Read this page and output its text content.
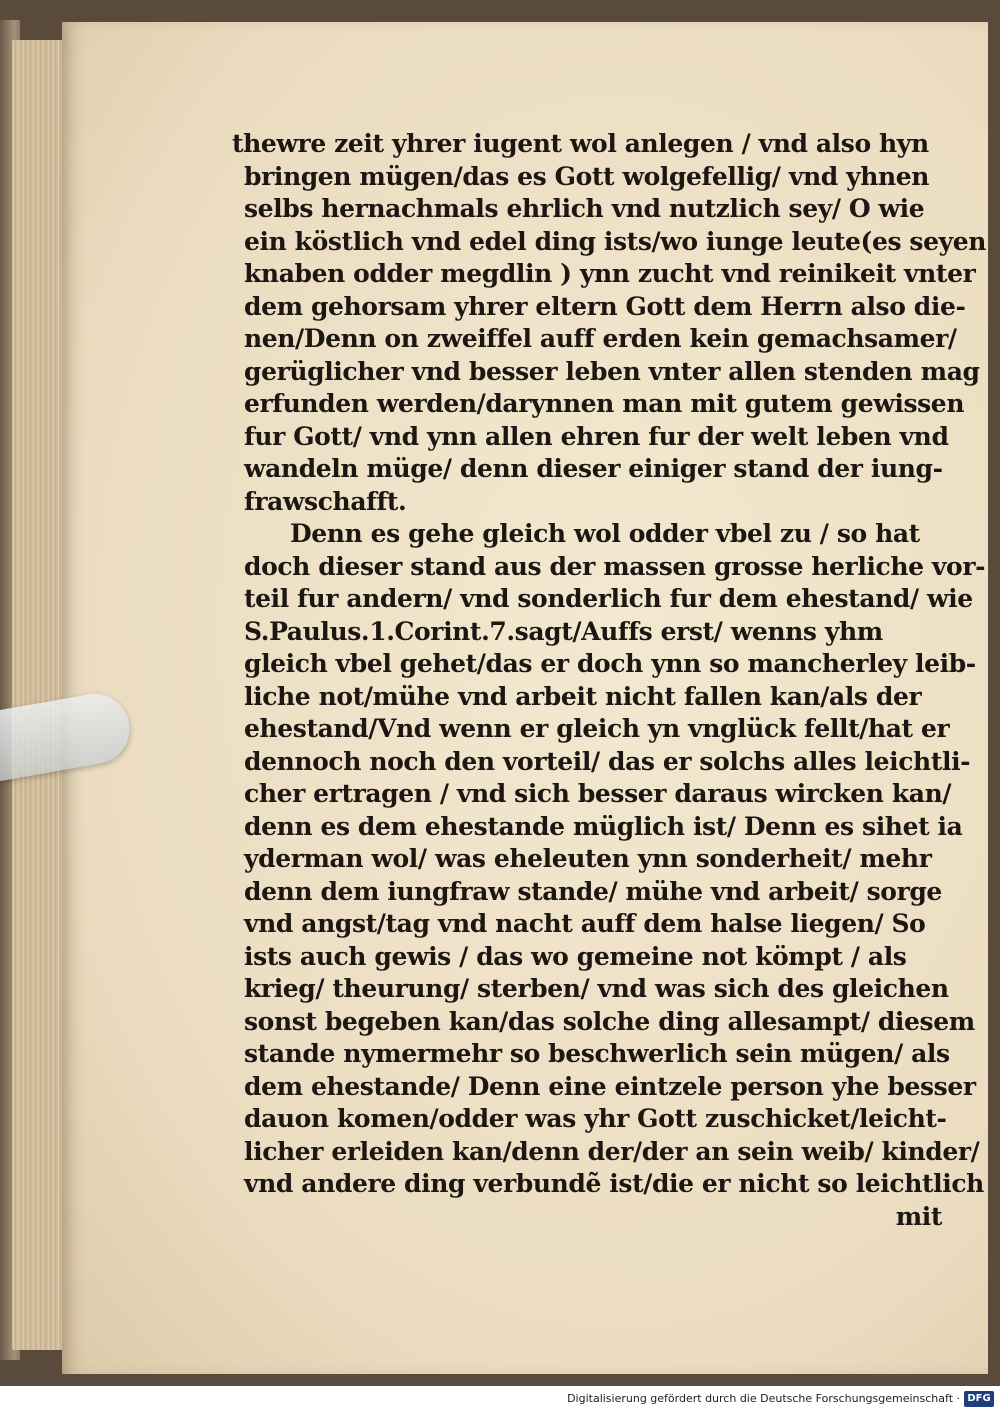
thewre zeit yhrer iugent wol anlegen / vnd also hyn
bringen mügen/das es Gott wolgefellig/ vnd yhnen
selbs hernachmals ehrlich vnd nutzlich sey/ O wie
ein köstlich vnd edel ding ists/wo iunge leute(es seyen
knaben odder megdlin ) ynn zucht vnd reinikeit vnter
dem gehorsam yhrer eltern Gott dem Herrn also die-
nen/Denn on zweiffel auff erden kein gemachsamer/
gerüglicher vnd besser leben vnter allen stenden mag
erfunden werden/darynnen man mit gutem gewissen
fur Gott/ vnd ynn allen ehren fur der welt leben vnd
wandeln müge/ denn dieser einiger stand der iung-
frawschafft.
Denn es gehe gleich wol odder vbel zu / so hat
doch dieser stand aus der massen grosse herliche vor-
teil fur andern/ vnd sonderlich fur dem ehestand/ wie
S.Paulus.1.Corint.7.sagt/Auffs erst/ wenns yhm
gleich vbel gehet/das er doch ynn so mancherley leib-
liche not/mühe vnd arbeit nicht fallen kan/als der
ehestand/Vnd wenn er gleich yn vnglück fellt/hat er
dennoch noch den vorteil/ das er solchs alles leichtli-
cher ertragen / vnd sich besser daraus wircken kan/
denn es dem ehestande müglich ist/ Denn es sihet ia
yderman wol/ was eheleuten ynn sonderheit/ mehr
denn dem iungfraw stande/ mühe vnd arbeit/ sorge
vnd angst/tag vnd nacht auff dem halse liegen/ So
ists auch gewis / das wo gemeine not kömpt / als
krieg/ theurung/ sterben/ vnd was sich des gleichen
sonst begeben kan/das solche ding allesampt/ diesem
stande nymermehr so beschwerlich sein mügen/ als
dem ehestande/ Denn eine eintzele person yhe besser
dauon komen/odder was yhr Gott zuschicket/leicht-
licher erleiden kan/denn der/der an sein weib/ kinder/
vnd andere ding verbundẽ ist/die er nicht so leichtlich
mit
Digitalisierung gefördert durch die Deutsche Forschungsgemeinschaft · DFG
